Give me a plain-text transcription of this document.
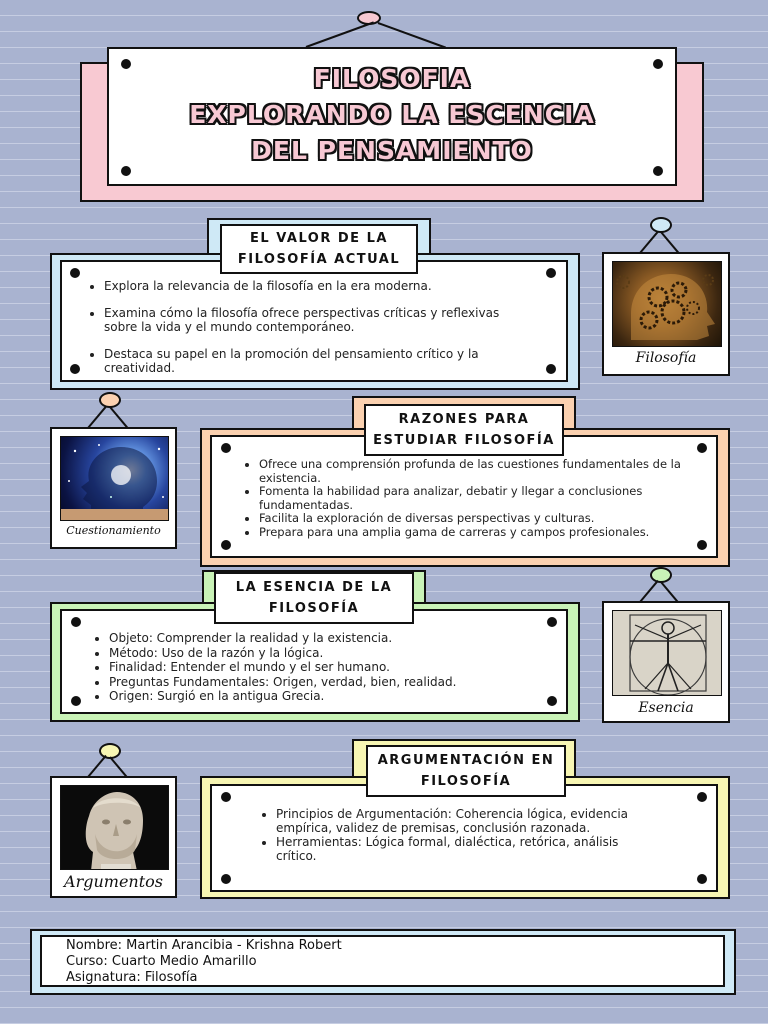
FILOSOFIA
EXPLORANDO LA ESCENCIA
DEL PENSAMIENTO
EL VALOR DE LA
FILOSOFÍA ACTUAL
• Explora la relevancia de la filosofía en la era moderna.
• Examina cómo la filosofía ofrece perspectivas críticas y reflexivas sobre la vida y el mundo contemporáneo.
• Destaca su papel en la promoción del pensamiento crítico y la creatividad.
Filosofía
Cuestionamiento
RAZONES PARA
ESTUDIAR FILOSOFÍA
• Ofrece una comprensión profunda de las cuestiones fundamentales de la existencia.
• Fomenta la habilidad para analizar, debatir y llegar a conclusiones fundamentadas.
• Facilita la exploración de diversas perspectivas y culturas.
• Prepara para una amplia gama de carreras y campos profesionales.
LA ESENCIA DE LA
FILOSOFÍA
• Objeto: Comprender la realidad y la existencia.
• Método: Uso de la razón y la lógica.
• Finalidad: Entender el mundo y el ser humano.
• Preguntas Fundamentales: Origen, verdad, bien, realidad.
• Origen: Surgió en la antigua Grecia.
Esencia
Argumentos
ARGUMENTACIÓN EN
FILOSOFÍA
• Principios de Argumentación: Coherencia lógica, evidencia empírica, validez de premisas, conclusión razonada.
• Herramientas: Lógica formal, dialéctica, retórica, análisis crítico.
Nombre: Martin Arancibia - Krishna Robert
Curso: Cuarto Medio Amarillo
Asignatura: Filosofía
